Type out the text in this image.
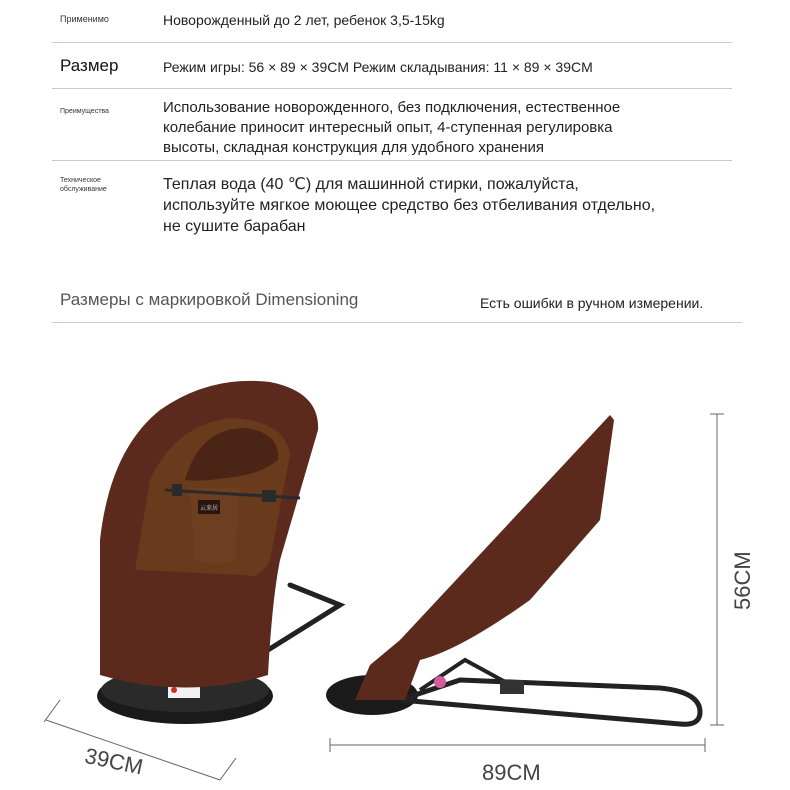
Применимо	Новорожденный до 2 лет, ребенок 3,5-15kg
Размер	Режим игры: 56 × 89 × 39CM Режим складывания: 11 × 89 × 39CM
Преимущества	Использование новорожденного, без подключения, естественное
колебание приносит интересный опыт, 4-ступенная регулировка
высоты, складная конструкция для удобного хранения
Техническое
обслуживание	Теплая вода (40 ℃) для машинной стирки, пожалуйста,
используйте мягкое моющее средство без отбеливания отдельно,
не сушите барабан
Размеры с маркировкой Dimensioning	Есть ошибки в ручном измерении.
云来居
39CM	89CM
56CM
